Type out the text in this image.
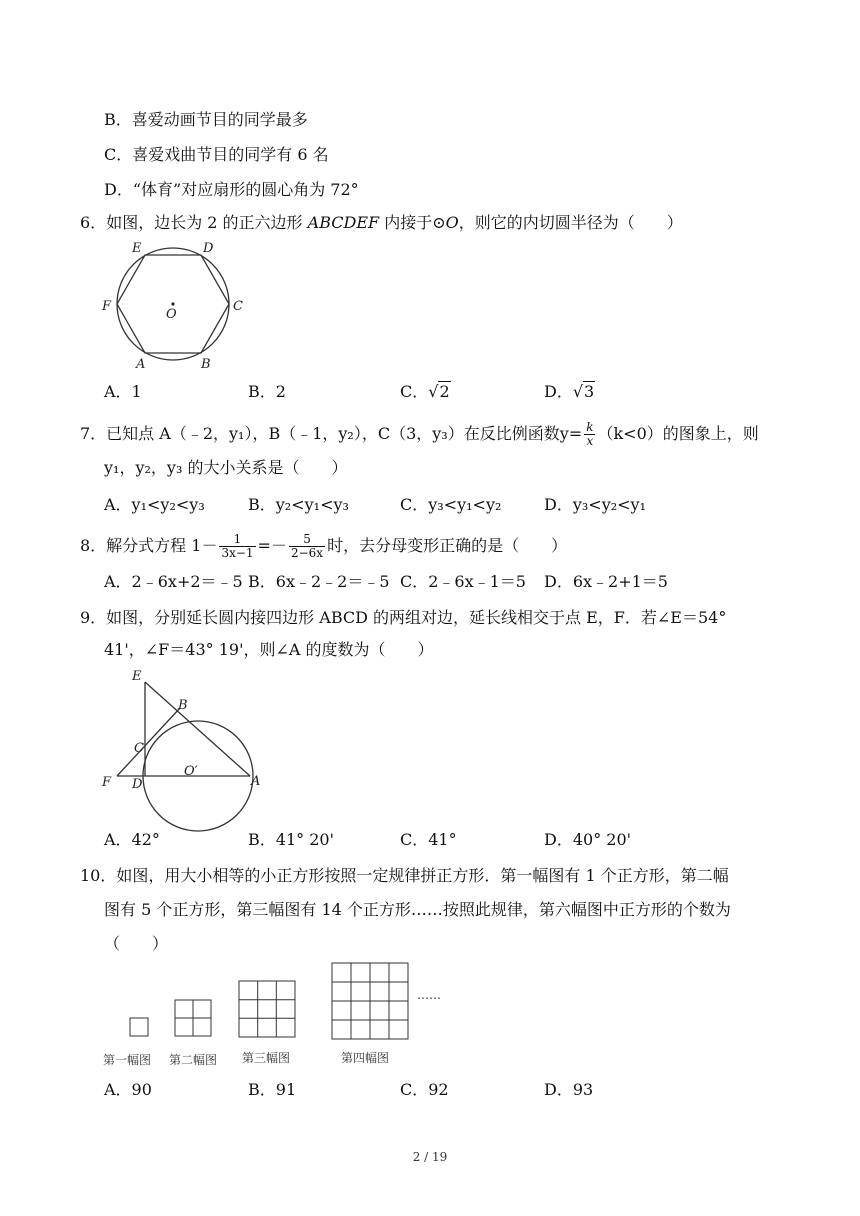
B．喜爱动画节目的同学最多
C．喜爱戏曲节目的同学有 6 名
D．“体育”对应扇形的圆心角为 72°
6．如图，边长为 2 的正六边形 ABCDEF 内接于⊙O，则它的内切圆半径为（　　）
E	D
F	C
O
A	B
A．1	B．2	C．√2	D．√3
7．已知点 A（﹣2，y₁），B（﹣1，y₂），C（3，y₃）在反比例函数$y= \frac{k}{x} (k<0)$的图象上，则
y₁，y₂，y₃ 的大小关系是（　　）
A．y₁<y₂<y₃	B．y₂<y₁<y₃	C．y₃<y₁<y₂	D．y₃<y₂<y₁
8．解分式方程 $1- \frac{1}{3x-1} =- \frac{5}{2-6x}$ 时，去分母变形正确的是（　　）
A．2﹣6x+2＝﹣5 B．6x﹣2﹣2＝﹣5 C．2﹣6x﹣1＝5 D．6x﹣2+1＝5
9．如图，分别延长圆内接四边形 ABCD 的两组对边，延长线相交于点 E，F．若∠E＝54°
41'，∠F＝43° 19'，则∠A 的度数为（　　）
E
B
C
F D
O′
A
A．42°	B．41° 20'	C．41°	D．40° 20'
10．如图，用大小相等的小正方形按照一定规律拼正方形．第一幅图有 1 个正方形，第二幅
图有 5 个正方形，第三幅图有 14 个正方形……按照此规律，第六幅图中正方形的个数为
（　　）
……
第一幅图 第二幅图 第三幅图	第四幅图
A．90	B．91	C．92	D．93
2 / 19
